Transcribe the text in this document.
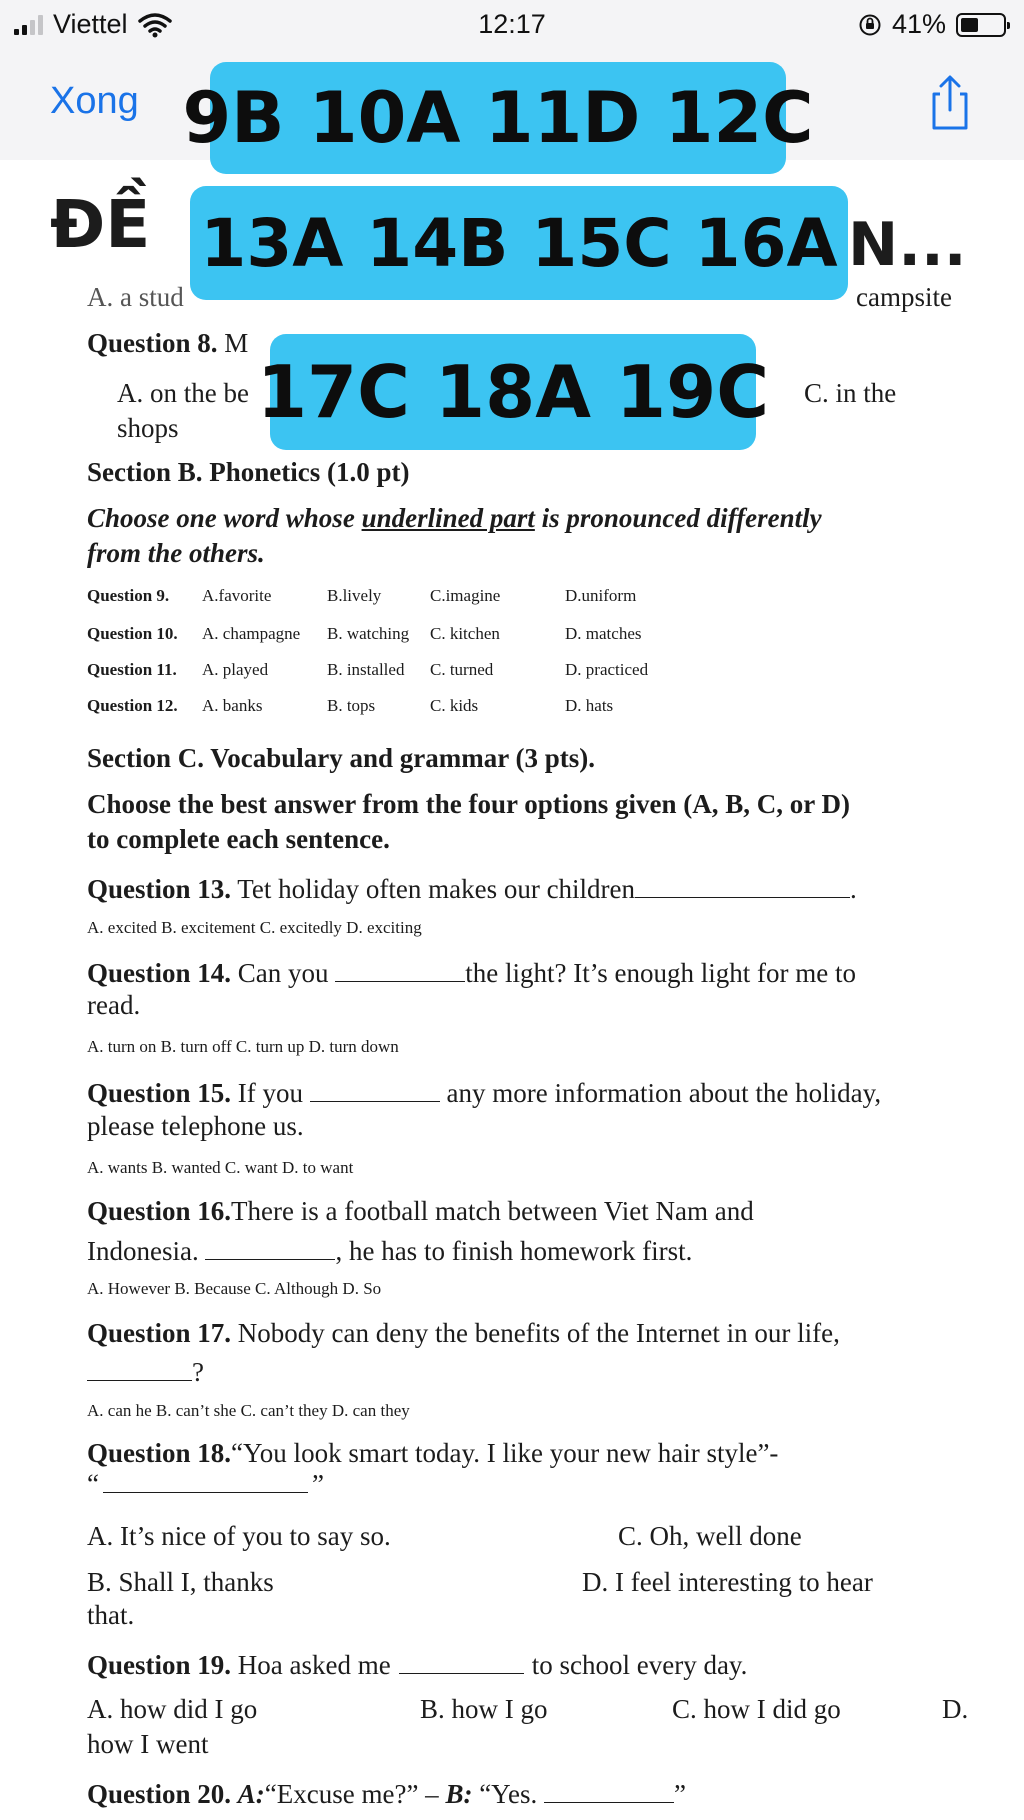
Viettel	12:17	41%
Xong
ĐỀ	N...
A. a stud	campsite
Question 8. M
A. on the be	C. in the
shops
Section B. Phonetics (1.0 pt)
Choose one word whose underlined part is pronounced differently
from the others.
Question 9. A.favorite	B.lively	C.imagine	D.uniform
Question 10. A. champagne B. watching C. kitchen	D. matches
Question 11. A. played	B. installed C. turned	D. practiced
Question 12. A. banks	B. tops	C. kids	D. hats
Section C. Vocabulary and grammar (3 pts).
Choose the best answer from the four options given (A, B, C, or D)
to complete each sentence.
Question 13. Tet holiday often makes our children	.
A. excited B. excitement C. excitedly D. exciting
Question 14. Can you	the light? It’s enough light for me to
read.
A. turn on B. turn off C. turn up D. turn down
Question 15. If you	any more information about the holiday,
please telephone us.
A. wants B. wanted C. want D. to want
Question 16.There is a football match between Viet Nam and
Indonesia.	, he has to finish homework first.
A. However B. Because C. Although D. So
Question 17. Nobody can deny the benefits of the Internet in our life,
?
A. can he B. can’t she C. can’t they D. can they
Question 18.“You look smart today. I like your new hair style”-
“	”
A. It’s nice of you to say so.	C. Oh, well done
B. Shall I, thanks	D. I feel interesting to hear
that.
Question 19. Hoa asked me	to school every day.
A. how did I go	B. how I go	C. how I did go	D.
how I went
Question 20. A:“Excuse me?” – B: “Yes.	”
9B 10A 11D 12C
13A 14B 15C 16A
17C 18A 19C
